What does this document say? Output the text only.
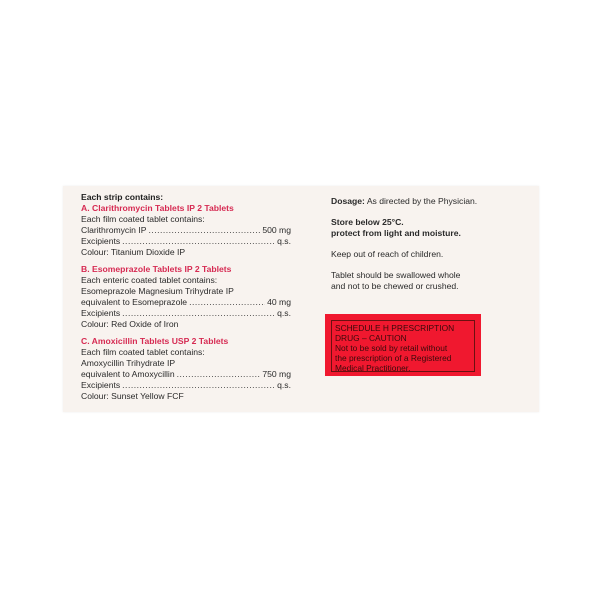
Each strip contains:
A. Clarithromycin Tablets IP 2 Tablets
Each film coated tablet contains:
Clarithromycin IP .....	500 mg
Excipients .....	q.s.
Colour: Titanium Dioxide IP
B. Esomeprazole Tablets IP 2 Tablets
Each enteric coated tablet contains:
Esomeprazole Magnesium Trihydrate IP
equivalent to Esomeprazole .....	40 mg
Excipients .....	q.s.
Colour: Red Oxide of Iron
C. Amoxicillin Tablets USP 2 Tablets
Each film coated tablet contains:
Amoxycillin Trihydrate IP
equivalent to Amoxycillin .....	750 mg
Excipients .....	q.s.
Colour: Sunset Yellow FCF
Dosage: As directed by the Physician.
Store below 25°C.
protect from light and moisture.
Keep out of reach of children.
Tablet should be swallowed whole
and not to be chewed or crushed.
SCHEDULE H PRESCRIPTION
DRUG – CAUTION
Not to be sold by retail without
the prescription of a Registered
Medical Practitioner.
